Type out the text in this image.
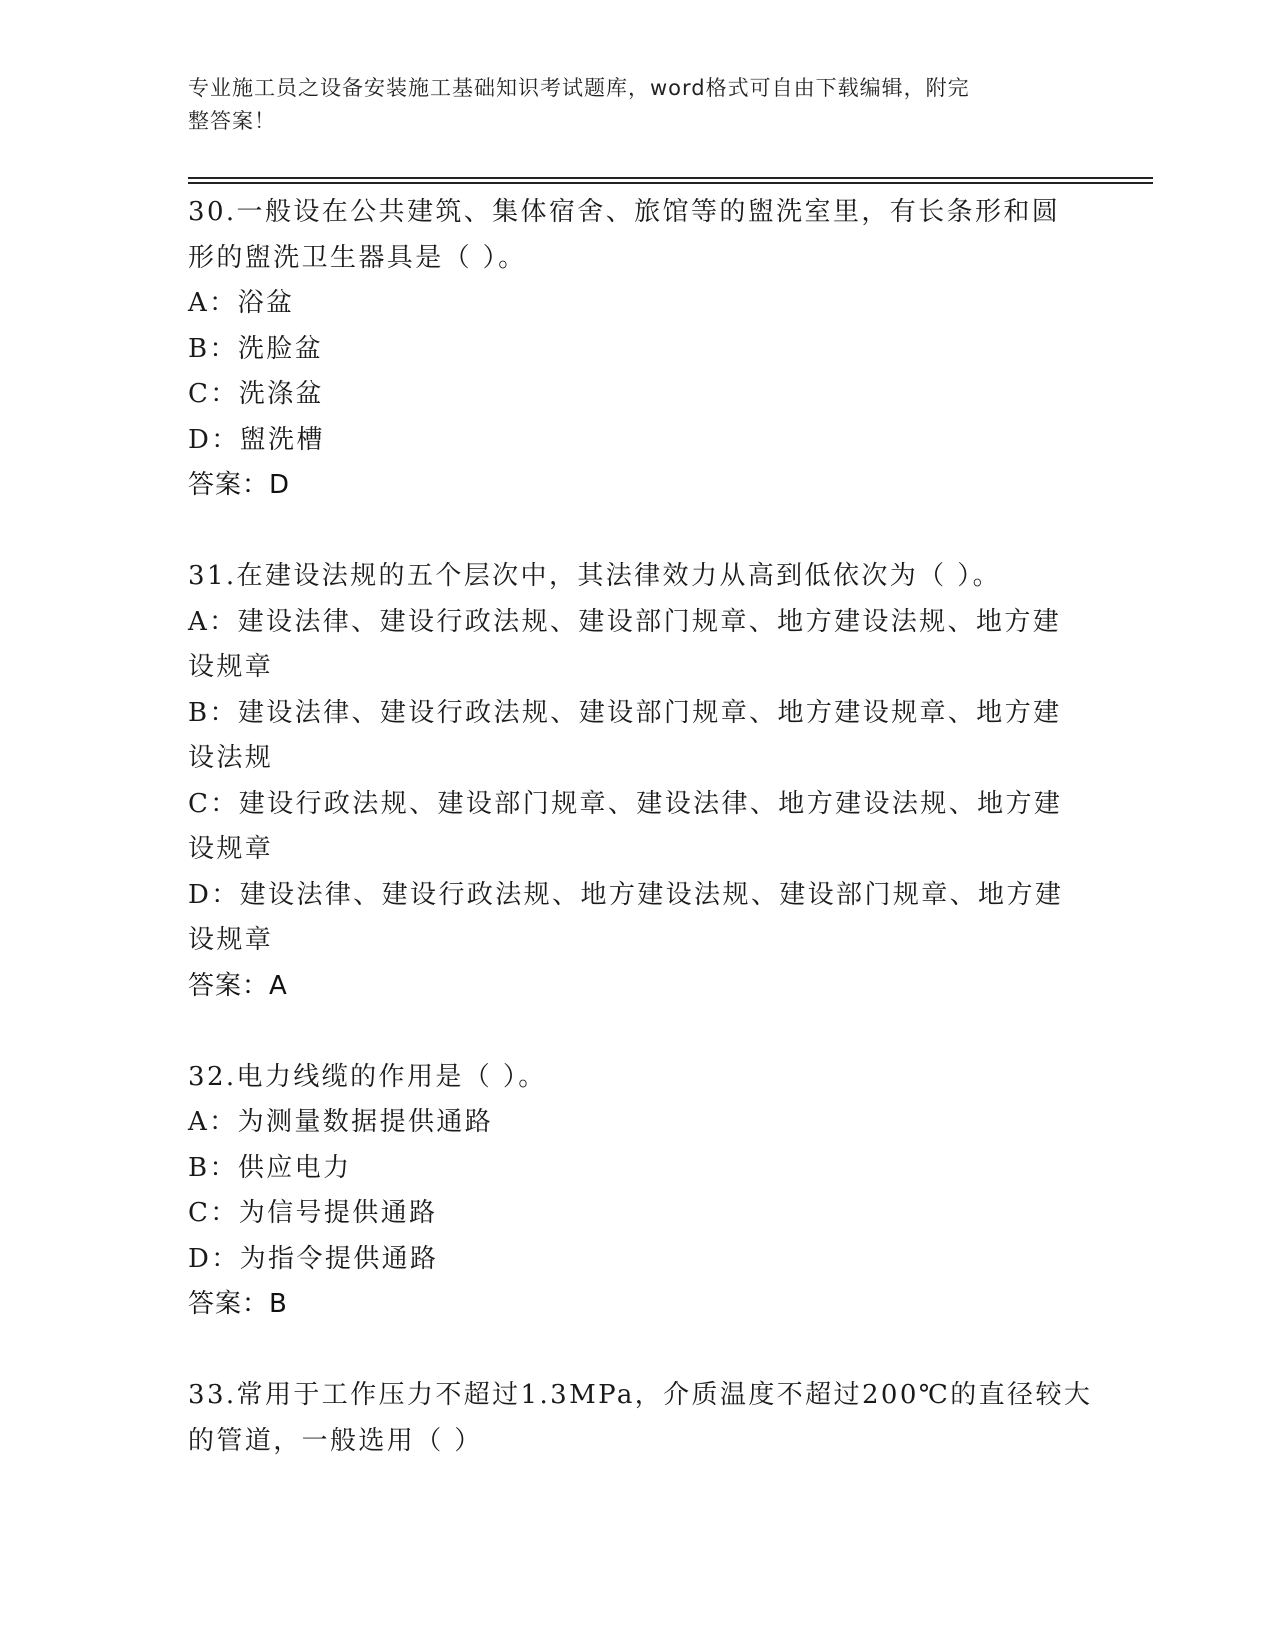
专业施工员之设备安装施工基础知识考试题库，word格式可自由下载编辑，附完
整答案！
30.一般设在公共建筑、集体宿舍、旅馆等的盥洗室里，有长条形和圆
形的盥洗卫生器具是（ ）。
A：浴盆
B：洗脸盆
C：洗涤盆
D：盥洗槽
答案：D
31.在建设法规的五个层次中，其法律效力从高到低依次为（ ）。
A：建设法律、建设行政法规、建设部门规章、地方建设法规、地方建
设规章
B：建设法律、建设行政法规、建设部门规章、地方建设规章、地方建
设法规
C：建设行政法规、建设部门规章、建设法律、地方建设法规、地方建
设规章
D：建设法律、建设行政法规、地方建设法规、建设部门规章、地方建
设规章
答案：A
32.电力线缆的作用是（ ）。
A：为测量数据提供通路
B：供应电力
C：为信号提供通路
D：为指令提供通路
答案：B
33.常用于工作压力不超过1.3MPa，介质温度不超过200℃的直径较大
的管道，一般选用（ ）
